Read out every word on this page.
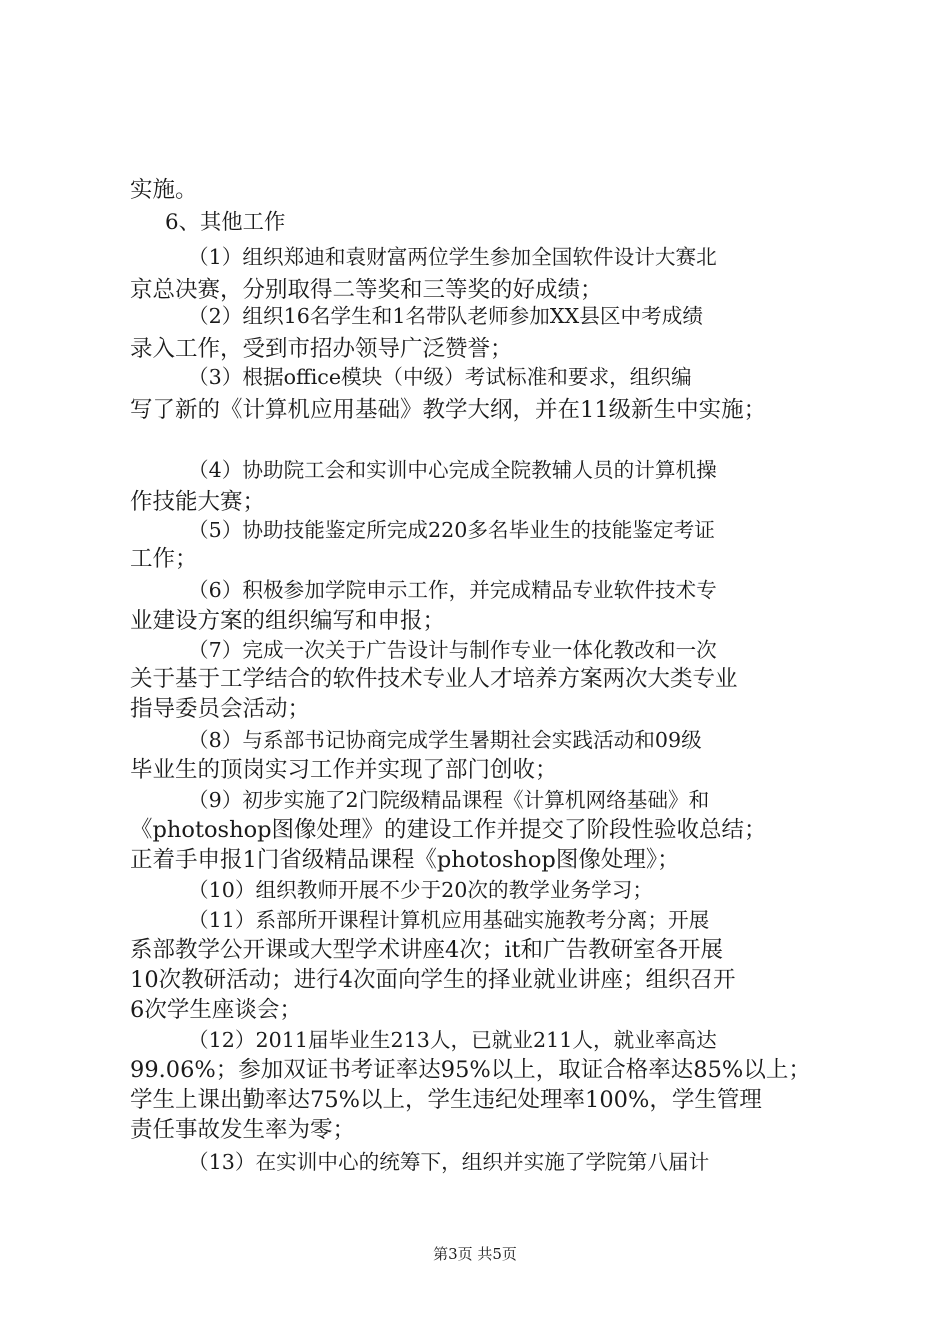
实施。
6、其他工作
（1）组织郑迪和袁财富两位学生参加全国软件设计大赛北
京总决赛，分别取得二等奖和三等奖的好成绩；
（2）组织16名学生和1名带队老师参加XX县区中考成绩
录入工作，受到市招办领导广泛赞誉；
（3）根据office模块（中级）考试标准和要求，组织编
写了新的《计算机应用基础》教学大纲，并在11级新生中实施；
（4）协助院工会和实训中心完成全院教辅人员的计算机操
作技能大赛；
（5）协助技能鉴定所完成220多名毕业生的技能鉴定考证
工作；
（6）积极参加学院申示工作，并完成精品专业软件技术专
业建设方案的组织编写和申报；
（7）完成一次关于广告设计与制作专业一体化教改和一次
关于基于工学结合的软件技术专业人才培养方案两次大类专业
指导委员会活动；
（8）与系部书记协商完成学生暑期社会实践活动和09级
毕业生的顶岗实习工作并实现了部门创收；
（9）初步实施了2门院级精品课程《计算机网络基础》和
《photoshop图像处理》的建设工作并提交了阶段性验收总结；
正着手申报1门省级精品课程《photoshop图像处理》；
（10）组织教师开展不少于20次的教学业务学习；
（11）系部所开课程计算机应用基础实施教考分离；开展
系部教学公开课或大型学术讲座4次；it和广告教研室各开展
10次教研活动；进行4次面向学生的择业就业讲座；组织召开
6次学生座谈会；
（12）2011届毕业生213人，已就业211人，就业率高达
99.06%；参加双证书考证率达95%以上，取证合格率达85%以上；
学生上课出勤率达75%以上，学生违纪处理率100%，学生管理
责任事故发生率为零；
（13）在实训中心的统筹下，组织并实施了学院第八届计
第3页 共5页
